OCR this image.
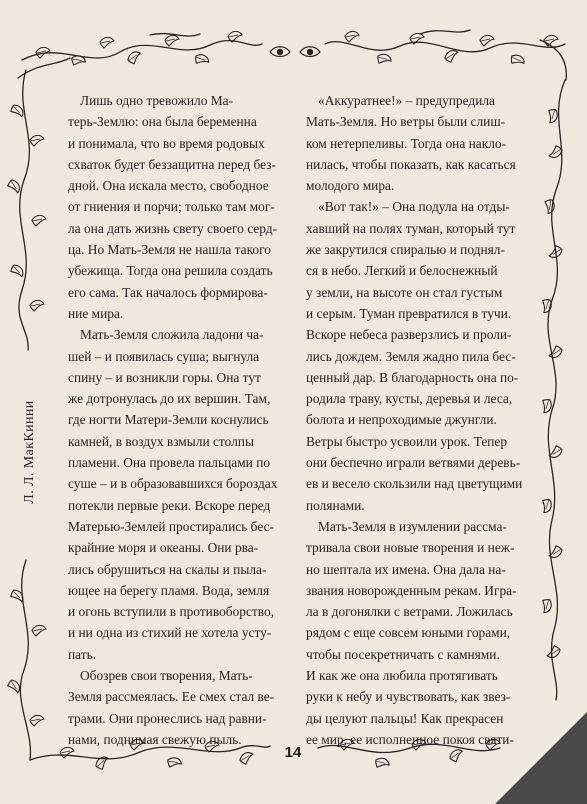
Л. Л. МакКинни

Лишь одно тревожило Ма-

терь-Землю: она была беременна

и понимала, что во время родовых

схваток будет беззащитна перед без-

дной. Она искала место, свободное

от гниения и порчи; только там мог-

ла она дать жизнь свету своего серд-

ца. Но Мать-Земля не нашла такого

убежища. Тогда она решила создать

его сама. Так началось формирова-

ние мира.

Мать-Земля сложила ладони ча-

шей – и появилась суша; выгнула

спину – и возникли горы. Она тут

же дотронулась до их вершин. Там,

где ногти Матери-Земли коснулись

камней, в воздух взмыли столпы

пламени. Она провела пальцами по

суше – и в образовавшихся бороздах

потекли первые реки. Вскоре перед

Матерью-Землей простирались бес-

крайние моря и океаны. Они рва-

лись обрушиться на скалы и пыла-

ющее на берегу пламя. Вода, земля

и огонь вступили в противоборство,

и ни одна из стихий не хотела усту-

пать.

Обозрев свои творения, Мать-

Земля рассмеялась. Ее смех стал ве-

трами. Они пронеслись над равни-

нами, поднимая свежую пыль.

«Аккуратнее!» – предупредила

Мать-Земля. Но ветры были слиш-

ком нетерпеливы. Тогда она накло-

нилась, чтобы показать, как касаться

молодого мира.

«Вот так!» – Она подула на отды-

хавший на полях туман, который тут

же закрутился спиралью и поднял-

ся в небо. Легкий и белоснежный

у земли, на высоте он стал густым

и серым. Туман превратился в тучи.

Вскоре небеса разверзлись и проли-

лись дождем. Земля жадно пила бес-

ценный дар. В благодарность она по-

родила траву, кусты, деревья и леса,

болота и непроходимые джунгли.

Ветры быстро усвоили урок. Тепер

они беспечно играли ветвями деревь-

ев и весело скользили над цветущими

полянами.

Мать-Земля в изумлении рассма-

тривала свои новые творения и неж-

но шептала их имена. Она дала на-

звания новорожденным рекам. Игра-

ла в догонялки с ветрами. Ложилась

рядом с еще совсем юными горами,

чтобы посекретничать с камнями.

И как же она любила протягивать

руки к небу и чувствовать, как звез-

ды целуют пальцы! Как прекрасен

ее мир, ее исполненное покоя святи-

14
